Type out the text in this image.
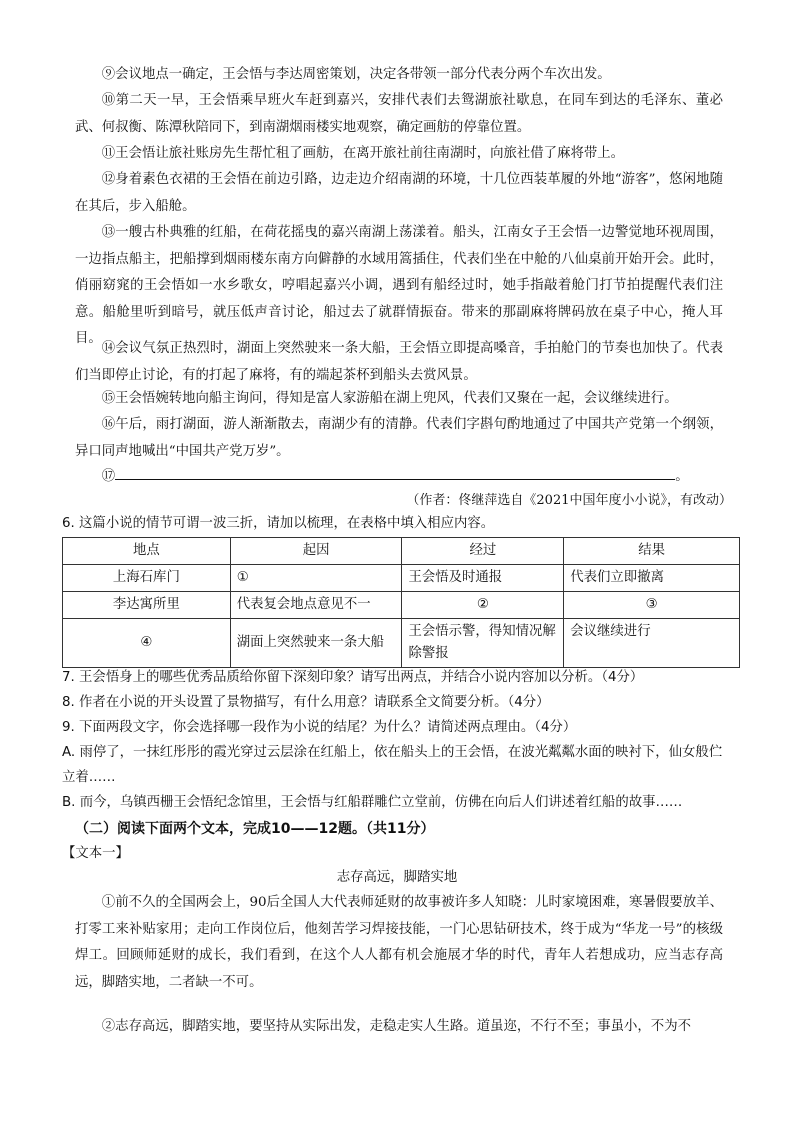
⑨会议地点一确定，王会悟与李达周密策划，决定各带领一部分代表分两个车次出发。

⑩第二天一早，王会悟乘早班火车赶到嘉兴，安排代表们去鸳湖旅社歇息，在同车到达的毛泽东、董必武、何叔衡、陈潭秋陪同下，到南湖烟雨楼实地观察，确定画舫的停靠位置。

⑪王会悟让旅社账房先生帮忙租了画舫，在离开旅社前往南湖时，向旅社借了麻将带上。

⑫身着素色衣裙的王会悟在前边引路，边走边介绍南湖的环境，十几位西装革履的外地“游客”，悠闲地随在其后，步入船舱。

⑬一艘古朴典雅的红船，在荷花摇曳的嘉兴南湖上荡漾着。船头，江南女子王会悟一边警觉地环视周围，一边指点船主，把船撑到烟雨楼东南方向僻静的水域用篙插住，代表们坐在中舱的八仙桌前开始开会。此时，俏丽窈窕的王会悟如一水乡歌女，哼唱起嘉兴小调，遇到有船经过时，她手指敲着舱门打节拍提醒代表们注意。船舱里听到暗号，就压低声音讨论，船过去了就群情振奋。带来的那副麻将牌码放在桌子中心，掩人耳目。

⑭会议气氛正热烈时，湖面上突然驶来一条大船，王会悟立即提高嗓音，手拍舱门的节奏也加快了。代表们当即停止讨论，有的打起了麻将，有的端起茶杯到船头去赏风景。

⑮王会悟婉转地向船主询问，得知是富人家游船在湖上兜风，代表们又聚在一起，会议继续进行。

⑯午后，雨打湖面，游人渐渐散去，南湖少有的清静。代表们字斟句酌地通过了中国共产党第一个纲领，异口同声地喊出“中国共产党万岁”。

⑰	。

（作者：佟继萍选自《2021中国年度小小说》，有改动）
6. 这篇小说的情节可谓一波三折，请加以梳理，在表格中填入相应内容。
地点	起因	经过	结果
上海石库门	①	王会悟及时通报	代表们立即撤离
李达寓所里	代表复会地点意见不一	②	③
④	湖面上突然驶来一条大船	王会悟示警，得知情况解除警报	会议继续进行
7. 王会悟身上的哪些优秀品质给你留下深刻印象？请写出两点，并结合小说内容加以分析。（4分）
8. 作者在小说的开头设置了景物描写，有什么用意？请联系全文简要分析。（4分）
9. 下面两段文字，你会选择哪一段作为小说的结尾？为什么？请简述两点理由。（4分）
A. 雨停了，一抹红彤彤的霞光穿过云层涂在红船上，依在船头上的王会悟，在波光粼粼水面的映衬下，仙女般伫立着……
B. 而今，乌镇西栅王会悟纪念馆里，王会悟与红船群雕伫立堂前，仿佛在向后人们讲述着红船的故事……
（二）阅读下面两个文本，完成10——12题。（共11分）
【文本一】
志存高远，脚踏实地

①前不久的全国两会上，90后全国人大代表师延财的故事被许多人知晓：儿时家境困难，寒暑假要放羊、打零工来补贴家用；走向工作岗位后，他刻苦学习焊接技能，一门心思钻研技术，终于成为“华龙一号”的核级焊工。回顾师延财的成长，我们看到，在这个人人都有机会施展才华的时代，青年人若想成功，应当志存高远，脚踏实地，二者缺一不可。

②志存高远，脚踏实地，要坚持从实际出发，走稳走实人生路。道虽迩，不行不至；事虽小，不为不
